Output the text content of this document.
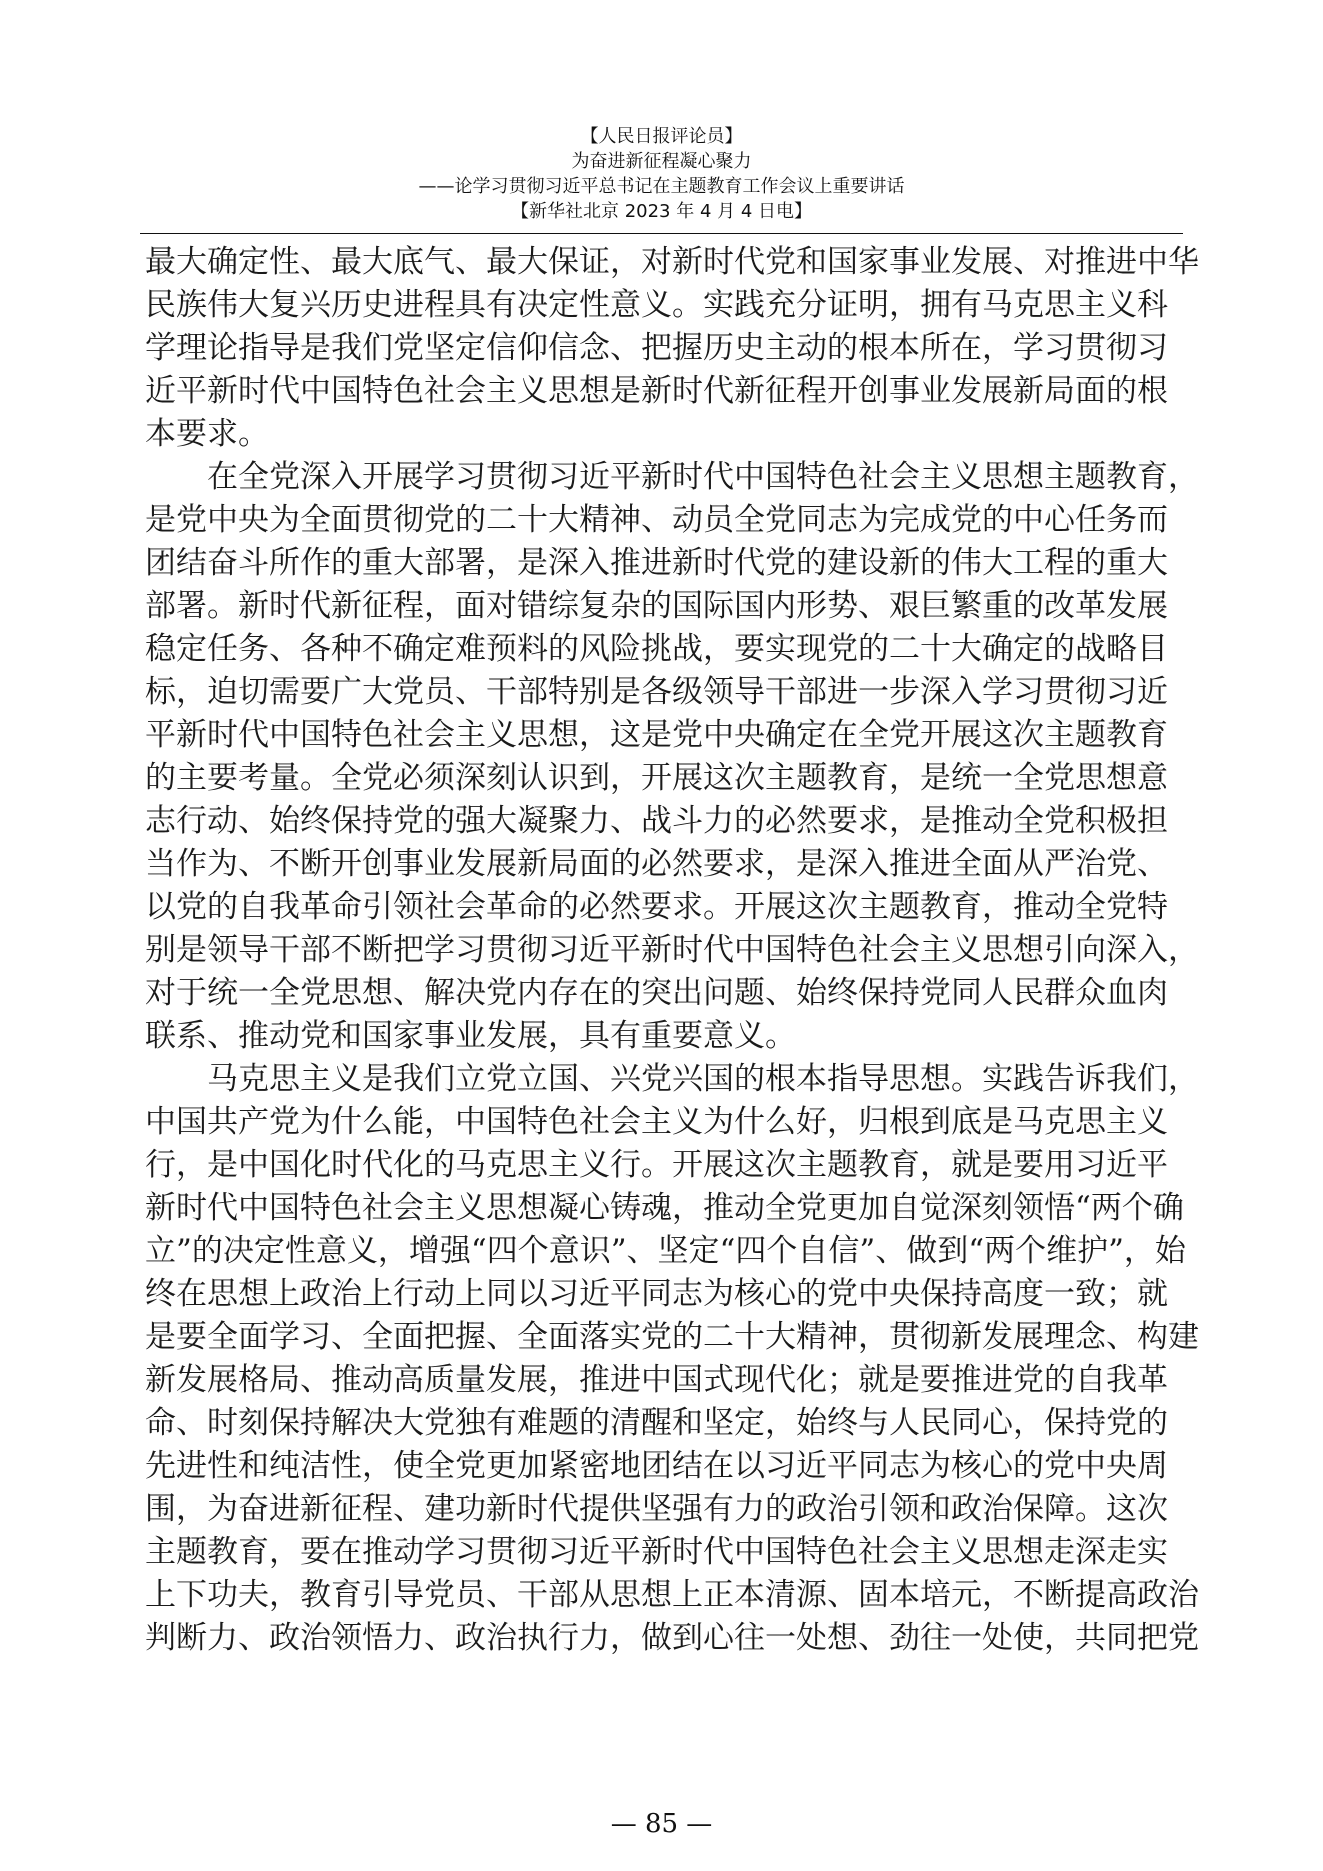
【人民日报评论员】
为奋进新征程凝心聚力
——论学习贯彻习近平总书记在主题教育工作会议上重要讲话
【新华社北京 2023 年 4 月 4 日电】
最大确定性、最大底气、最大保证，对新时代党和国家事业发展、对推进中华
民族伟大复兴历史进程具有决定性意义。实践充分证明，拥有马克思主义科
学理论指导是我们党坚定信仰信念、把握历史主动的根本所在，学习贯彻习
近平新时代中国特色社会主义思想是新时代新征程开创事业发展新局面的根
本要求。
在全党深入开展学习贯彻习近平新时代中国特色社会主义思想主题教育，
是党中央为全面贯彻党的二十大精神、动员全党同志为完成党的中心任务而
团结奋斗所作的重大部署，是深入推进新时代党的建设新的伟大工程的重大
部署。新时代新征程，面对错综复杂的国际国内形势、艰巨繁重的改革发展
稳定任务、各种不确定难预料的风险挑战，要实现党的二十大确定的战略目
标，迫切需要广大党员、干部特别是各级领导干部进一步深入学习贯彻习近
平新时代中国特色社会主义思想，这是党中央确定在全党开展这次主题教育
的主要考量。全党必须深刻认识到，开展这次主题教育，是统一全党思想意
志行动、始终保持党的强大凝聚力、战斗力的必然要求，是推动全党积极担
当作为、不断开创事业发展新局面的必然要求，是深入推进全面从严治党、
以党的自我革命引领社会革命的必然要求。开展这次主题教育，推动全党特
别是领导干部不断把学习贯彻习近平新时代中国特色社会主义思想引向深入，
对于统一全党思想、解决党内存在的突出问题、始终保持党同人民群众血肉
联系、推动党和国家事业发展，具有重要意义。
马克思主义是我们立党立国、兴党兴国的根本指导思想。实践告诉我们，
中国共产党为什么能，中国特色社会主义为什么好，归根到底是马克思主义
行，是中国化时代化的马克思主义行。开展这次主题教育，就是要用习近平
新时代中国特色社会主义思想凝心铸魂，推动全党更加自觉深刻领悟“两个确
立”的决定性意义，增强“四个意识”、坚定“四个自信”、做到“两个维护”，始
终在思想上政治上行动上同以习近平同志为核心的党中央保持高度一致；就
是要全面学习、全面把握、全面落实党的二十大精神，贯彻新发展理念、构建
新发展格局、推动高质量发展，推进中国式现代化；就是要推进党的自我革
命、时刻保持解决大党独有难题的清醒和坚定，始终与人民同心，保持党的
先进性和纯洁性，使全党更加紧密地团结在以习近平同志为核心的党中央周
围，为奋进新征程、建功新时代提供坚强有力的政治引领和政治保障。这次
主题教育，要在推动学习贯彻习近平新时代中国特色社会主义思想走深走实
上下功夫，教育引导党员、干部从思想上正本清源、固本培元，不断提高政治
判断力、政治领悟力、政治执行力，做到心往一处想、劲往一处使，共同把党
— 85 —
